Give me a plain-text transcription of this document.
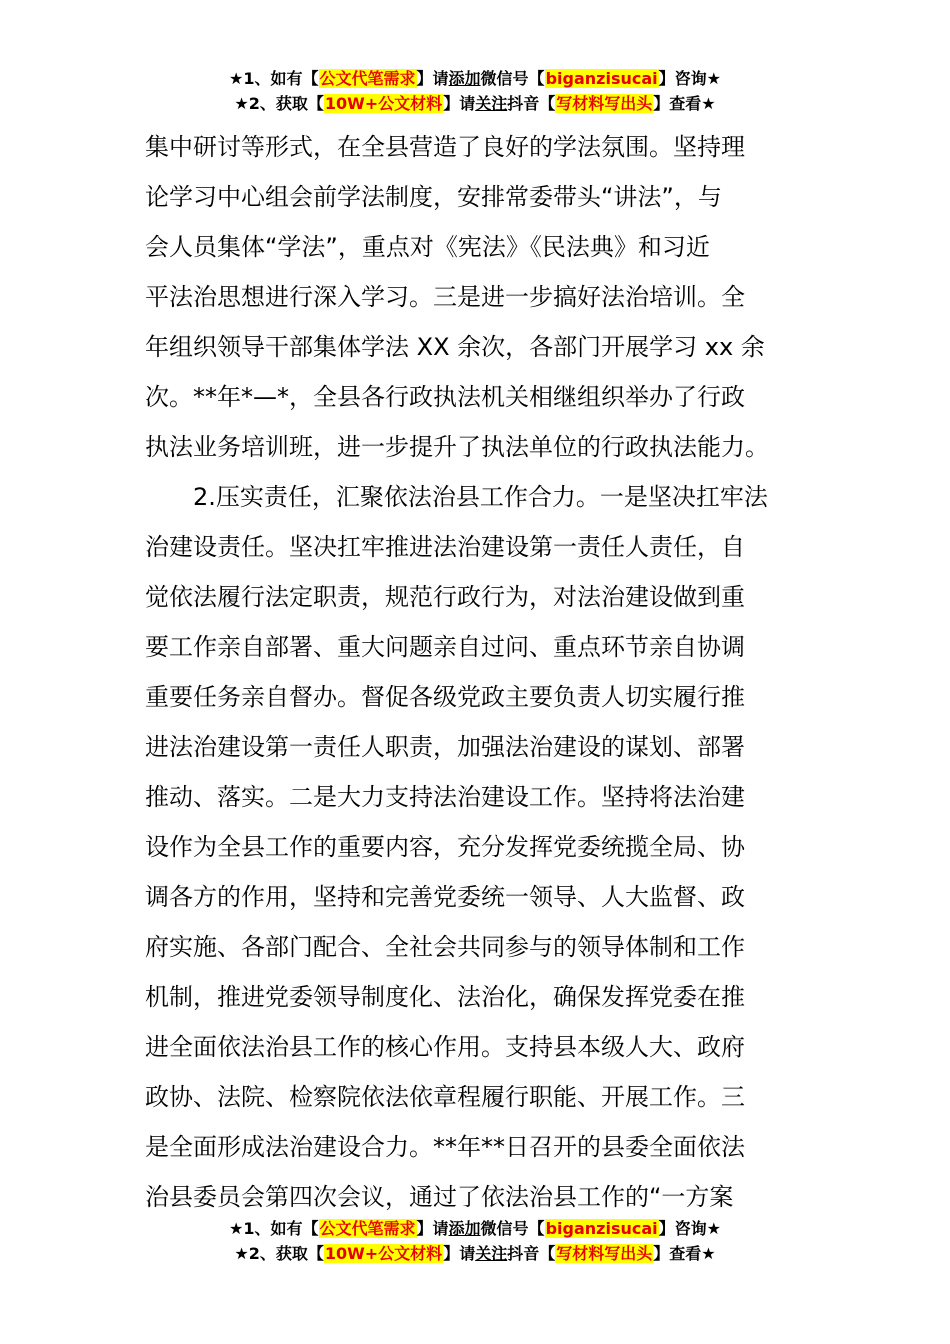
★1、如有【公文代笔需求】请添加微信号【biganzisucai】咨询★
★2、获取【10W+公文材料】请关注抖音【写材料写出头】查看★

集中研讨等形式，在全县营造了良好的学法氛围。坚持理
论学习中心组会前学法制度，安排常委带头“讲法”，与
会人员集体“学法”，重点对《宪法》《民法典》和习近
平法治思想进行深入学习。三是进一步搞好法治培训。全
年组织领导干部集体学法 XX 余次，各部门开展学习 xx 余
次。**年*—*，全县各行政执法机关相继组织举办了行政
执法业务培训班，进一步提升了执法单位的行政执法能力。

2.压实责任，汇聚依法治县工作合力。一是坚决扛牢法
治建设责任。坚决扛牢推进法治建设第一责任人责任，自
觉依法履行法定职责，规范行政行为，对法治建设做到重
要工作亲自部署、重大问题亲自过问、重点环节亲自协调
重要任务亲自督办。督促各级党政主要负责人切实履行推
进法治建设第一责任人职责，加强法治建设的谋划、部署
推动、落实。二是大力支持法治建设工作。坚持将法治建
设作为全县工作的重要内容，充分发挥党委统揽全局、协
调各方的作用，坚持和完善党委统一领导、人大监督、政
府实施、各部门配合、全社会共同参与的领导体制和工作
机制，推进党委领导制度化、法治化，确保发挥党委在推
进全面依法治县工作的核心作用。支持县本级人大、政府
政协、法院、检察院依法依章程履行职能、开展工作。三
是全面形成法治建设合力。**年**日召开的县委全面依法
治县委员会第四次会议，通过了依法治县工作的“一方案

★1、如有【公文代笔需求】请添加微信号【biganzisucai】咨询★
★2、获取【10W+公文材料】请关注抖音【写材料写出头】查看★
